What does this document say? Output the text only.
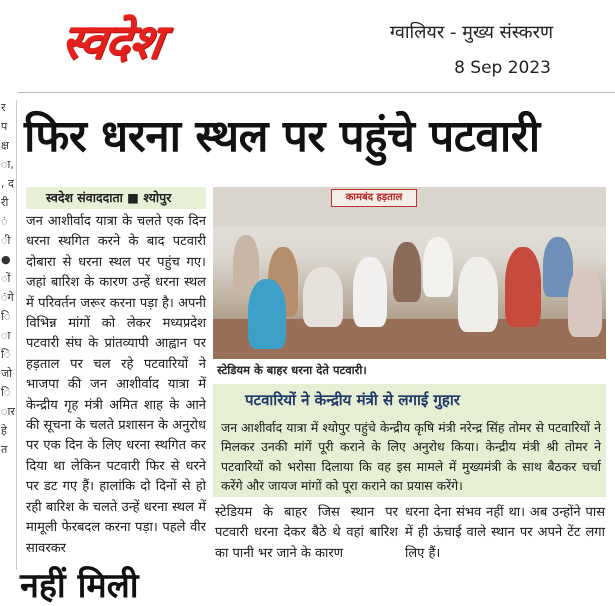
स्वदेश	ग्वालियर - मुख्य संस्करण
8 Sep 2023
र प क्ष ा, , द री ं ी ● ों ंगे ि ा ि जो ि ार हे त
फिर धरना स्थल पर पहुंचे पटवारी
स्वदेश संवाददाता ■ श्योपुर
जन आशीर्वाद यात्रा के चलते एक दिन धरना स्थगित करने के बाद पटवारी दोबारा से धरना स्थल पर पहुंच गए। जहां बारिश के कारण उन्हें धरना स्थल में परिवर्तन जरूर करना पड़ा है। अपनी विभिन्न मांगों को लेकर मध्यप्रदेश पटवारी संघ के प्रांतव्यापी आह्वान पर हड़ताल पर चल रहे पटवारियों ने भाजपा की जन आशीर्वाद यात्रा में केन्द्रीय गृह मंत्री अमित शाह के आने की सूचना के चलते प्रशासन के अनुरोध पर एक दिन के लिए धरना स्थगित कर दिया था लेकिन पटवारी फिर से धरने पर डट गए हैं। हालांकि दो दिनों से हो रही बारिश के चलते उन्हें धरना स्थल में मामूली फेरबदल करना पड़ा। पहले वीर सावरकर
कामबंद हड़ताल
स्टेडियम के बाहर धरना देते पटवारी।
पटवारियों ने केन्द्रीय मंत्री से लगाई गुहार
जन आशीर्वाद यात्रा में श्योपुर पहुंचे केन्द्रीय कृषि मंत्री नरेन्द्र सिंह तोमर से पटवारियों ने मिलकर उनकी मांगें पूरी कराने के लिए अनुरोध किया। केन्द्रीय मंत्री श्री तोमर ने पटवारियों को भरोसा दिलाया कि वह इस मामले में मुख्यमंत्री के साथ बैठकर चर्चा करेंगे और जायज मांगों को पूरा कराने का प्रयास करेंगे।
स्टेडियम के बाहर जिस स्थान पर पटवारी धरना देकर बैठे थे वहां बारिश का पानी भर जाने के कारण
धरना देना संभव नहीं था। अब उन्होंने पास में ही ऊंचाई वाले स्थान पर अपने टेंट लगा लिए हैं।
नहीं मिली
